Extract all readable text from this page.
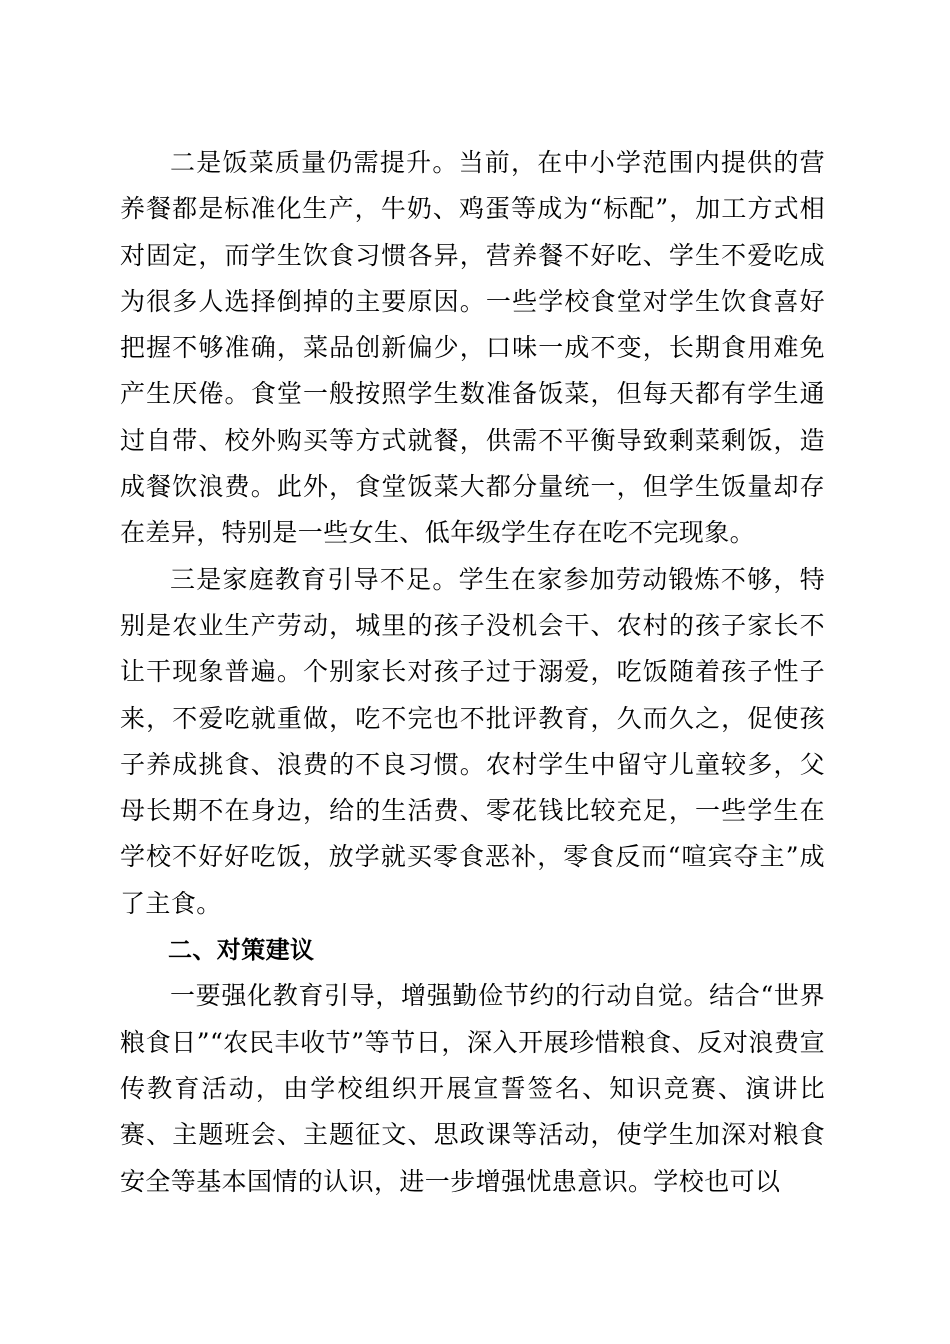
二是饭菜质量仍需提升。当前，在中小学范围内提供的营养餐都是标准化生产，牛奶、鸡蛋等成为“标配”，加工方式相对固定，而学生饮食习惯各异，营养餐不好吃、学生不爱吃成为很多人选择倒掉的主要原因。一些学校食堂对学生饮食喜好把握不够准确，菜品创新偏少，口味一成不变，长期食用难免产生厌倦。食堂一般按照学生数准备饭菜，但每天都有学生通过自带、校外购买等方式就餐，供需不平衡导致剩菜剩饭，造成餐饮浪费。此外，食堂饭菜大都分量统一，但学生饭量却存在差异，特别是一些女生、低年级学生存在吃不完现象。

三是家庭教育引导不足。学生在家参加劳动锻炼不够，特别是农业生产劳动，城里的孩子没机会干、农村的孩子家长不让干现象普遍。个别家长对孩子过于溺爱，吃饭随着孩子性子来，不爱吃就重做，吃不完也不批评教育，久而久之，促使孩子养成挑食、浪费的不良习惯。农村学生中留守儿童较多，父母长期不在身边，给的生活费、零花钱比较充足，一些学生在学校不好好吃饭，放学就买零食恶补，零食反而“喧宾夺主”成了主食。

二、对策建议

一要强化教育引导，增强勤俭节约的行动自觉。结合“世界粮食日”“农民丰收节”等节日，深入开展珍惜粮食、反对浪费宣传教育活动，由学校组织开展宣誓签名、知识竞赛、演讲比赛、主题班会、主题征文、思政课等活动，使学生加深对粮食安全等基本国情的认识，进一步增强忧患意识。学校也可以
